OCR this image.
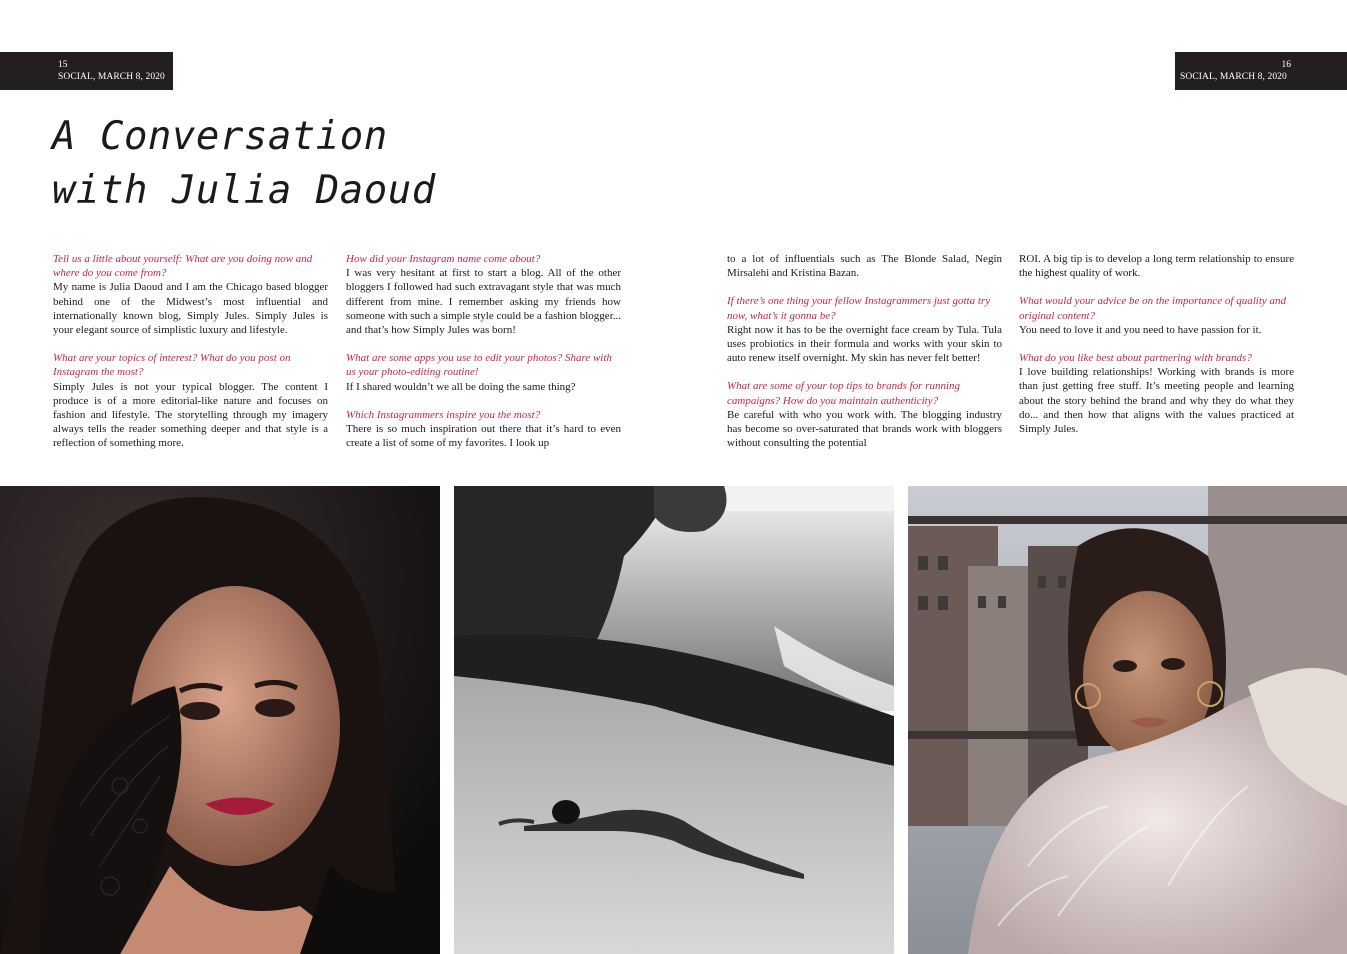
15
SOCIAL, MARCH 8, 2020
16
SOCIAL, MARCH 8, 2020
A Conversation
with Julia Daoud

Tell us a little about yourself: What are you doing now and where do you come from?

My name is Julia Daoud and I am the Chicago based blogger behind one of the Midwest’s most influential and internationally known blog, Simply Jules. Simply Jules is your elegant source of simplistic luxury and lifestyle.

What are your topics of interest? What do you post on Instagram the most?

Simply Jules is not your typical blogger. The content I produce is of a more editorial-like nature and focuses on fashion and lifestyle. The storytelling through my imagery always tells the reader something deeper and that style is a reflection of something more.

How did your Instagram name come about?

I was very hesitant at first to start a blog. All of the other bloggers I followed had such extravagant style that was much different from mine. I remember asking my friends how someone with such a simple style could be a fashion blogger... and that’s how Simply Jules was born!

What are some apps you use to edit your photos? Share with us your photo-editing routine!

If I shared wouldn’t we all be doing the same thing?

Which Instagrammers inspire you the most?

There is so much inspiration out there that it’s hard to even create a list of some of my favorites. I look up

to a lot of influentials such as The Blonde Salad, Negin Mirsalehi and Kristina Bazan.

If there’s one thing your fellow Instagrammers just gotta try now, what’s it gonna be?

Right now it has to be the overnight face cream by Tula. Tula uses probiotics in their formula and works with your skin to auto renew itself overnight. My skin has never felt better!

What are some of your top tips to brands for running campaigns? How do you maintain authenticity?

Be careful with who you work with. The blogging industry has become so over-saturated that brands work with bloggers without consulting the potential

ROI. A big tip is to develop a long term relationship to ensure the highest quality of work.

What would your advice be on the importance of quality and original content?

You need to love it and you need to have passion for it.

What do you like best about partnering with brands?

I love building relationships! Working with brands is more than just getting free stuff. It’s meeting people and learning about the story behind the brand and why they do what they do... and then how that aligns with the values practiced at Simply Jules.
